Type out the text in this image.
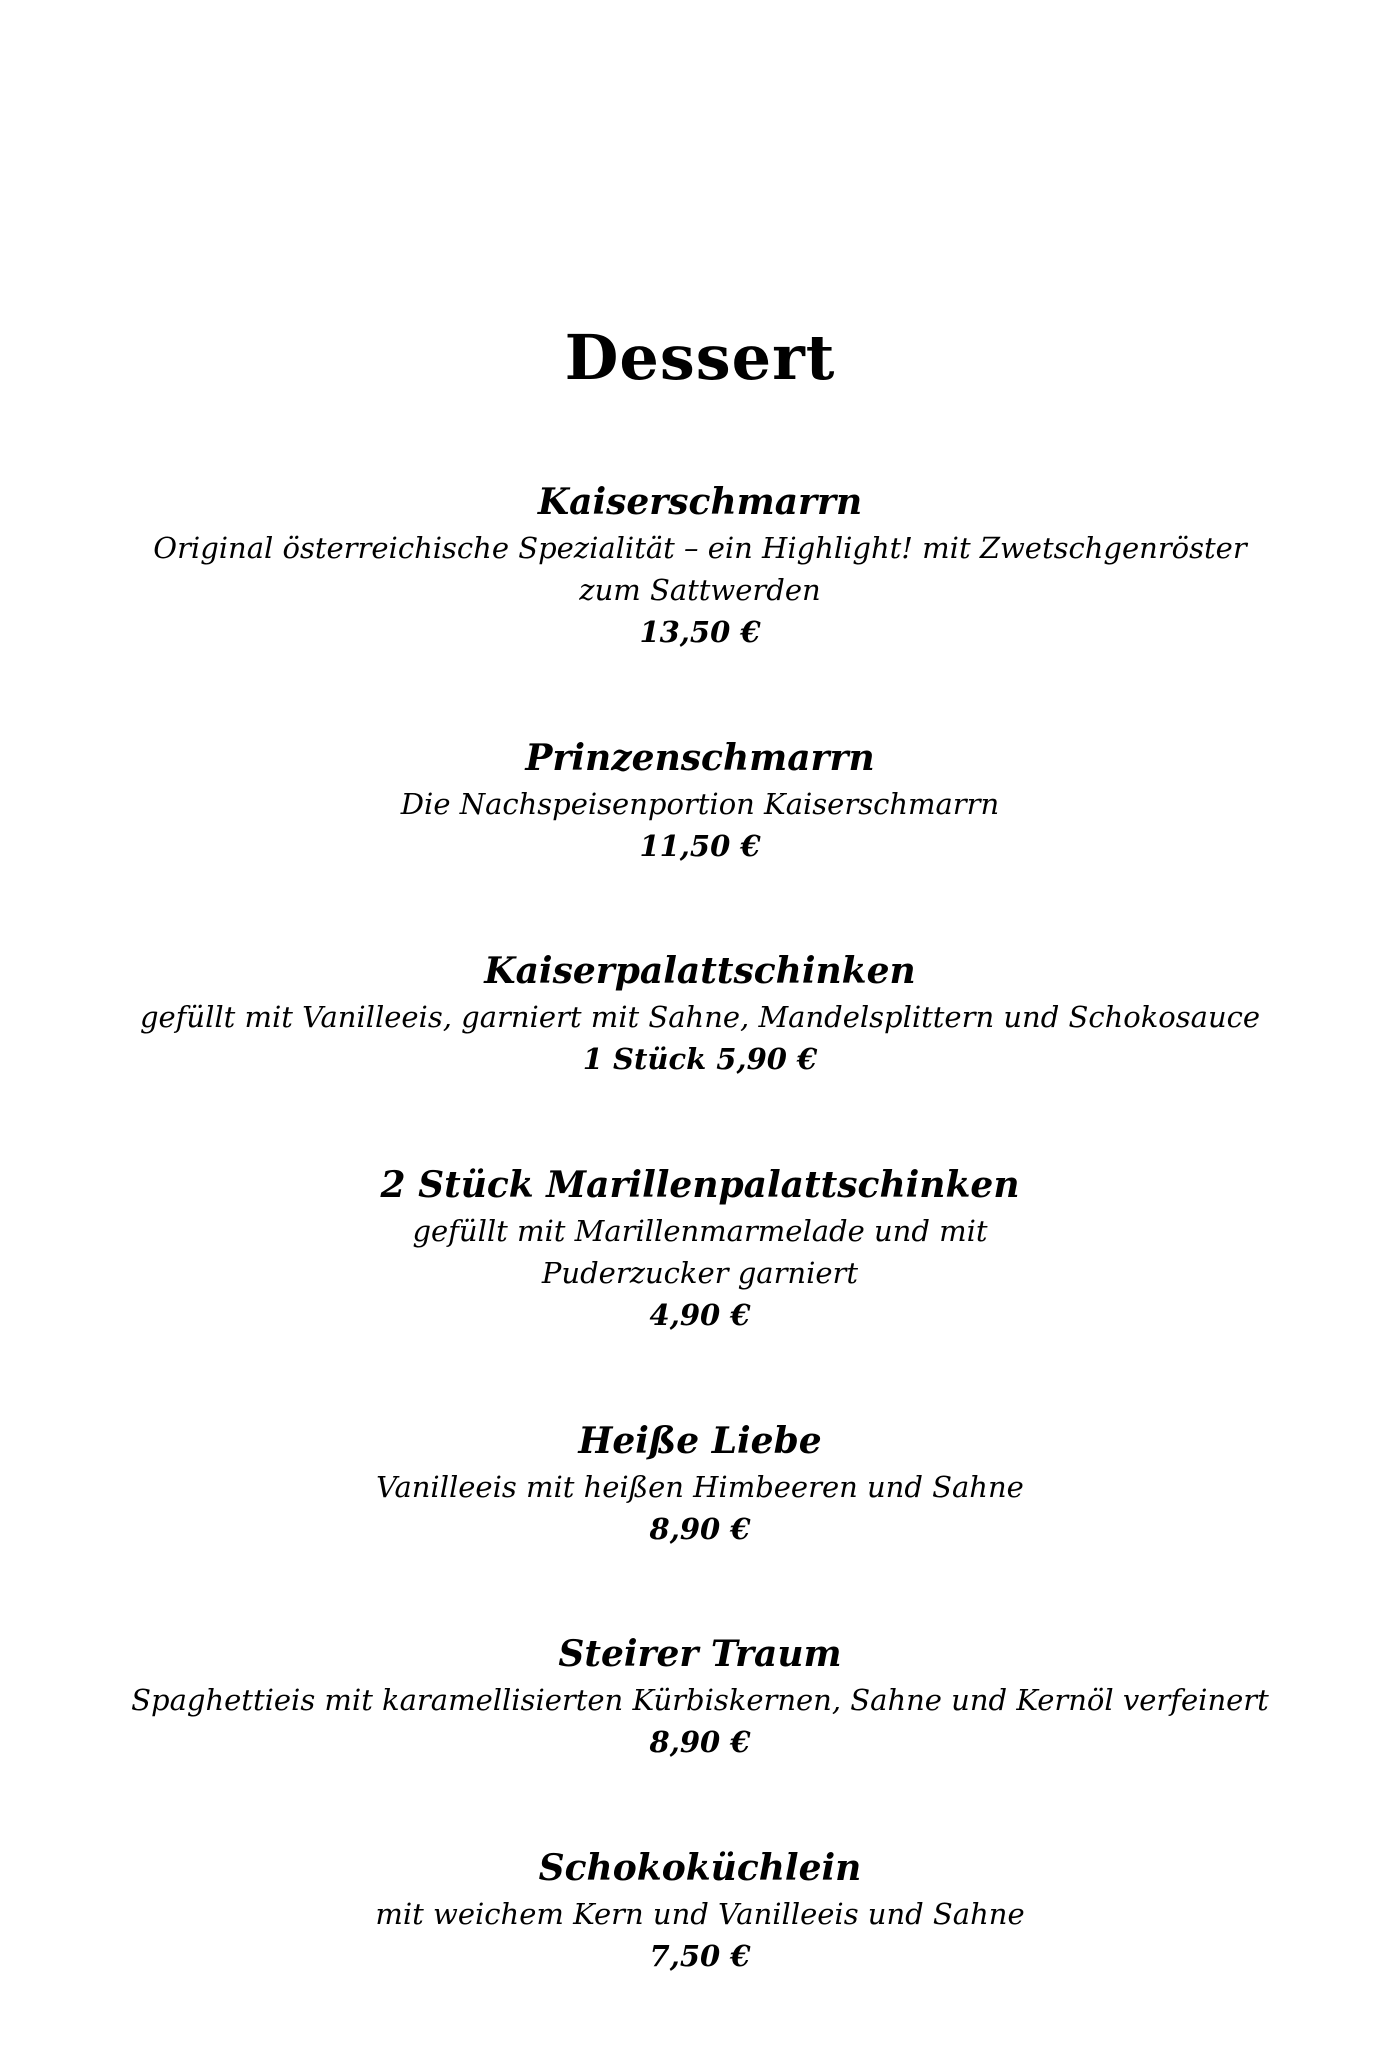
Dessert

Kaiserschmarrn

Original österreichische Spezialität – ein Highlight! mit Zwetschgenröster
zum Sattwerden

13,50 €

Prinzenschmarrn

Die Nachspeisenportion Kaiserschmarrn

11,50 €

Kaiserpalattschinken

gefüllt mit Vanilleeis, garniert mit Sahne, Mandelsplittern und Schokosauce

1 Stück 5,90 €

2 Stück Marillenpalattschinken

gefüllt mit Marillenmarmelade und mit
Puderzucker garniert

4,90 €

Heiße Liebe

Vanilleeis mit heißen Himbeeren und Sahne

8,90 €

Steirer Traum

Spaghettieis mit karamellisierten Kürbiskernen, Sahne und Kernöl verfeinert

8,90 €

Schokoküchlein

mit weichem Kern und Vanilleeis und Sahne

7,50 €
